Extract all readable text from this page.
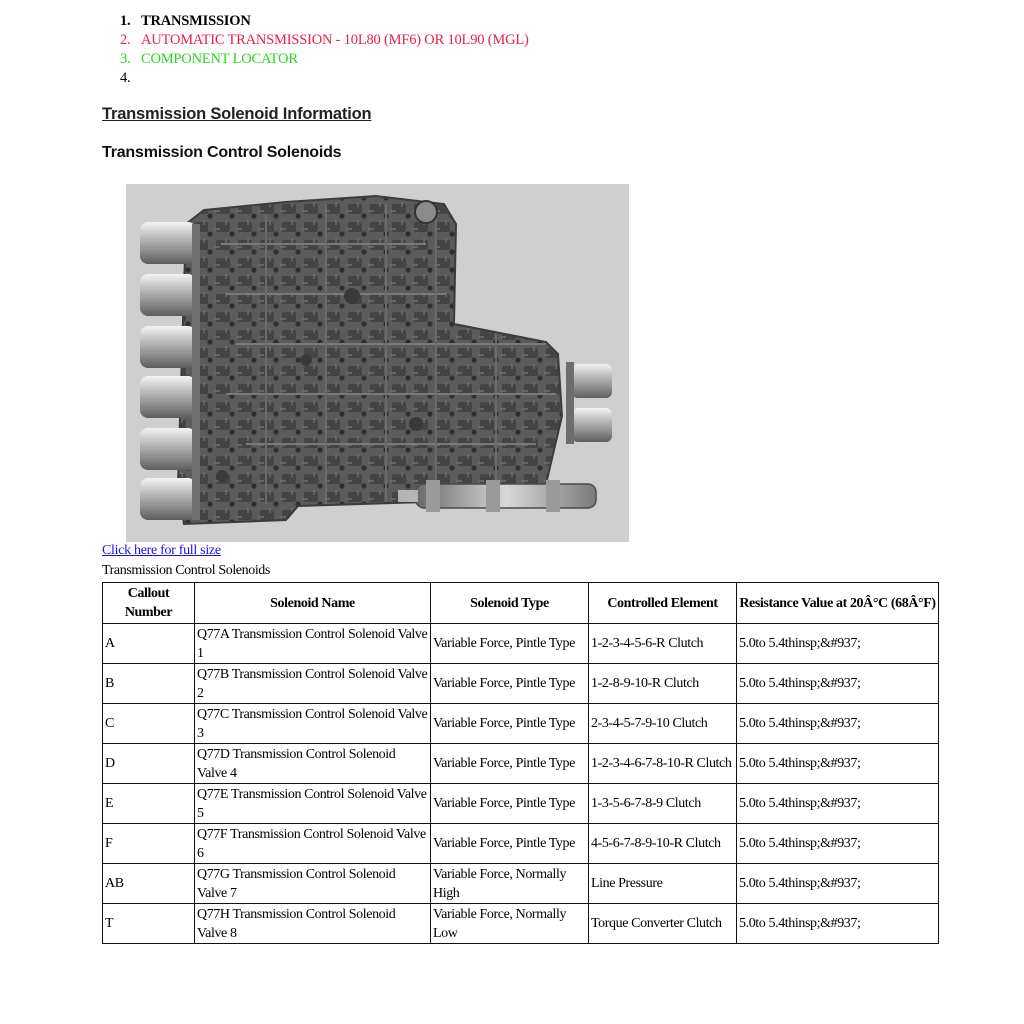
1. TRANSMISSION
2. AUTOMATIC TRANSMISSION - 10L80 (MF6) OR 10L90 (MGL)
3. COMPONENT LOCATOR
4.
Transmission Solenoid Information
Transmission Control Solenoids
Click here for full size
Transmission Control Solenoids
Callout Number	Solenoid Name	Solenoid Type	Controlled Element	Resistance Value at 20Â°C (68Â°F)
A	Q77A Transmission Control Solenoid Valve 1	Variable Force, Pintle Type	1-2-3-4-5-6-R Clutch	5.0to 5.4thinsp;&#937;
B	Q77B Transmission Control Solenoid Valve 2	Variable Force, Pintle Type	1-2-8-9-10-R Clutch	5.0to 5.4thinsp;&#937;
C	Q77C Transmission Control Solenoid Valve 3	Variable Force, Pintle Type	2-3-4-5-7-9-10 Clutch	5.0to 5.4thinsp;&#937;
D	Q77D Transmission Control Solenoid Valve 4	Variable Force, Pintle Type	1-2-3-4-6-7-8-10-R Clutch	5.0to 5.4thinsp;&#937;
E	Q77E Transmission Control Solenoid Valve 5	Variable Force, Pintle Type	1-3-5-6-7-8-9 Clutch	5.0to 5.4thinsp;&#937;
F	Q77F Transmission Control Solenoid Valve 6	Variable Force, Pintle Type	4-5-6-7-8-9-10-R Clutch	5.0to 5.4thinsp;&#937;
AB	Q77G Transmission Control Solenoid Valve 7	Variable Force, Normally High	Line Pressure	5.0to 5.4thinsp;&#937;
T	Q77H Transmission Control Solenoid Valve 8	Variable Force, Normally Low	Torque Converter Clutch	5.0to 5.4thinsp;&#937;
